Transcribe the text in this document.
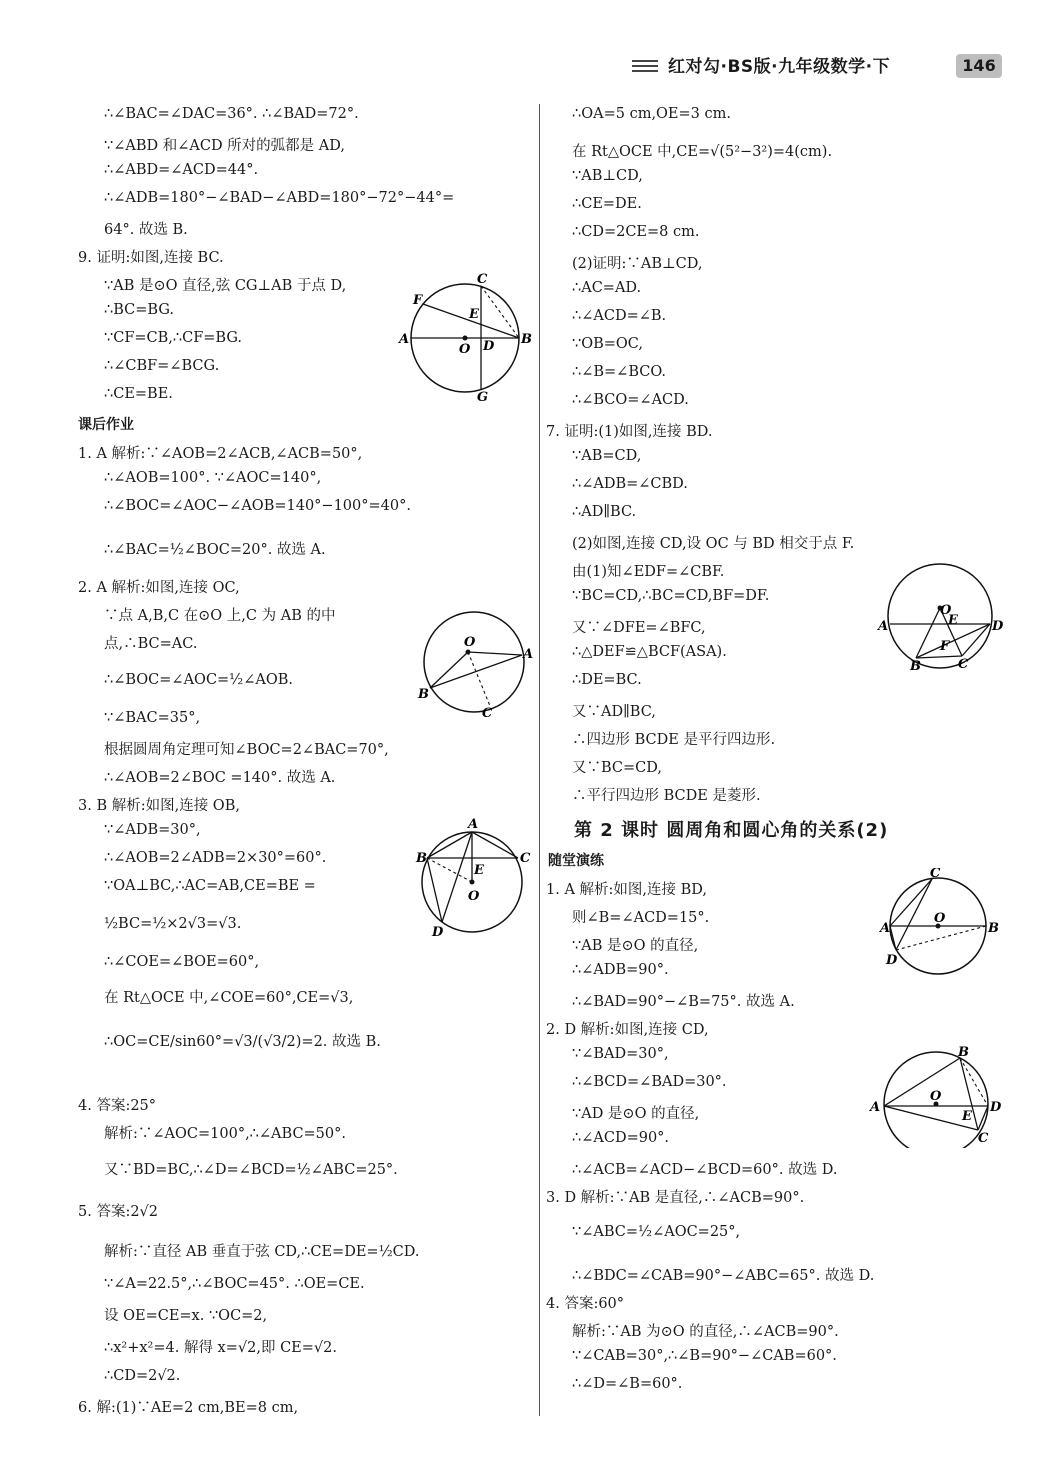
红对勾·BS版·九年级数学·下	146
∴∠BAC=∠DAC=36°. ∴∠BAD=72°.
∵∠ABD 和∠ACD 所对的弧都是 AD,
∴∠ABD=∠ACD=44°.
∴∠ADB=180°−∠BAD−∠ABD=180°−72°−44°=
64°. 故选 B.
9. 证明:如图,连接 BC.
∵AB 是⊙O 直径,弦 CG⊥AB 于点 D,
∴BC=BG.
∵CF=CB,∴CF=BG.
∴∠CBF=∠BCG.
∴CE=BE.
课后作业
1. A 解析:∵∠AOB=2∠ACB,∠ACB=50°,
∴∠AOB=100°. ∵∠AOC=140°,
∴∠BOC=∠AOC−∠AOB=140°−100°=40°.
∴∠BAC=½∠BOC=20°. 故选 A.
2. A 解析:如图,连接 OC,
∵点 A,B,C 在⊙O 上,C 为 AB 的中
点,∴BC=AC.
∴∠BOC=∠AOC=½∠AOB.
∵∠BAC=35°,
根据圆周角定理可知∠BOC=2∠BAC=70°,
∴∠AOB=2∠BOC =140°. 故选 A.
3. B 解析:如图,连接 OB,
∵∠ADB=30°,
∴∠AOB=2∠ADB=2×30°=60°.
∵OA⊥BC,∴AC=AB,CE=BE =
½BC=½×2√3=√3.
∴∠COE=∠BOE=60°,
在 Rt△OCE 中,∠COE=60°,CE=√3,
∴OC=CE/sin60°=√3/(√3/2)=2. 故选 B.
4. 答案:25°
解析:∵∠AOC=100°,∴∠ABC=50°.
又∵BD=BC,∴∠D=∠BCD=½∠ABC=25°.
5. 答案:2√2
解析:∵直径 AB 垂直于弦 CD,∴CE=DE=½CD.
∵∠A=22.5°,∴∠BOC=45°. ∴OE=CE.
设 OE=CE=x. ∵OC=2,
∴x²+x²=4. 解得 x=√2,即 CE=√2.
∴CD=2√2.
6. 解:(1)∵AE=2 cm,BE=8 cm,
∴OA=5 cm,OE=3 cm.
在 Rt△OCE 中,CE=√(5²−3²)=4(cm).
∵AB⊥CD,
∴CE=DE.
∴CD=2CE=8 cm.
(2)证明:∵AB⊥CD,
∴AC=AD.
∴∠ACD=∠B.
∵OB=OC,
∴∠B=∠BCO.
∴∠BCO=∠ACD.
7. 证明:(1)如图,连接 BD.
∵AB=CD,
∴∠ADB=∠CBD.
∴AD∥BC.
(2)如图,连接 CD,设 OC 与 BD 相交于点 F.
由(1)知∠EDF=∠CBF.
∵BC=CD,∴BC=CD,BF=DF.
又∵∠DFE=∠BFC,
∴△DEF≌△BCF(ASA).
∴DE=BC.
又∵AD∥BC,
∴四边形 BCDE 是平行四边形.
又∵BC=CD,
∴平行四边形 BCDE 是菱形.
第 2 课时 圆周角和圆心角的关系(2)
随堂演练
1. A 解析:如图,连接 BD,
则∠B=∠ACD=15°.
∵AB 是⊙O 的直径,
∴∠ADB=90°.
∴∠BAD=90°−∠B=75°. 故选 A.
2. D 解析:如图,连接 CD,
∵∠BAD=30°,
∴∠BCD=∠BAD=30°.
∵AD 是⊙O 的直径,
∴∠ACD=90°.
∴∠ACB=∠ACD−∠BCD=60°. 故选 D.
3. D 解析:∵AB 是直径,∴∠ACB=90°.
∵∠ABC=½∠AOC=25°,
∴∠BDC=∠CAB=90°−∠ABC=65°. 故选 D.
4. 答案:60°
解析:∵AB 为⊙O 的直径,∴∠ACB=90°.
∵∠CAB=30°,∴∠B=90°−∠CAB=60°.
∴∠D=∠B=60°.
A	B
C
D
E
F
G
O
O
A
B
C
A
B	C
D
E
O
O
A
B	C
D
E
F
C
A	B
D
O
B
A	D
C
E
O
